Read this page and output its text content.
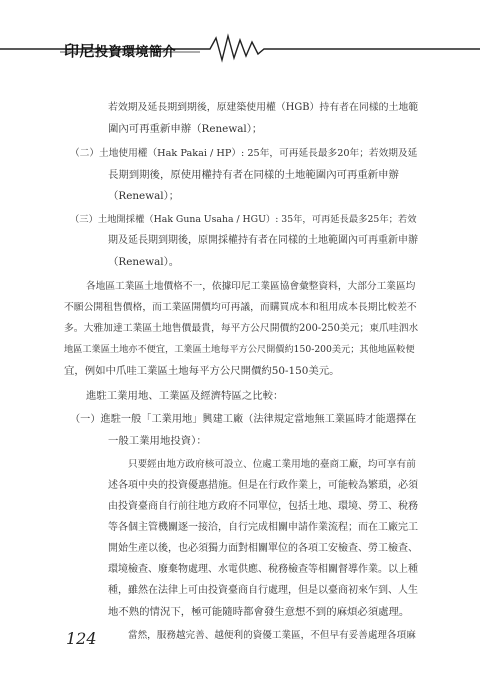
印尼投資環境簡介
若效期及延長期到期後，原建築使用權（HGB）持有者在同樣的土地範
圍內可再重新申辦（Renewal）；
（二）土地使用權（Hak Pakai / HP）: 25年，可再延長最多20年；若效期及延
長期到期後，原使用權持有者在同樣的土地範圍內可再重新申辦
（Renewal）；
（三）土地開採權（Hak Guna Usaha / HGU）: 35年，可再延長最多25年；若效
期及延長期到期後，原開採權持有者在同樣的土地範圍內可再重新申辦
（Renewal）。
各地區工業區土地價格不一，依據印尼工業區協會彙整資料，大部分工業區均
不願公開租售價格，而工業區開價均可再議，而購買成本和租用成本長期比較差不
多。大雅加達工業區土地售價最貴，每平方公尺開價約200-250美元；東爪哇泗水
地區工業區土地亦不便宜，工業區土地每平方公尺開價約150-200美元；其他地區較便
宜，例如中爪哇工業區土地每平方公尺開價約50-150美元。
進駐工業用地、工業區及經濟特區之比較：
（一）進駐一般「工業用地」興建工廠（法律規定當地無工業區時才能選擇在
一般工業用地投資）：
只要經由地方政府核可設立、位處工業用地的臺商工廠，均可享有前
述各項中央的投資優惠措施。但是在行政作業上，可能較為繁瑣，必須
由投資臺商自行前往地方政府不同單位，包括土地、環境、勞工、稅務
等各個主管機關逐一接洽，自行完成相關申請作業流程；而在工廠完工
開始生產以後，也必須獨力面對相關單位的各項工安檢查、勞工檢查、
環境檢查、廢棄物處理、水電供應、稅務檢查等相關督導作業。以上種
種，雖然在法律上可由投資臺商自行處理，但是以臺商初來乍到、人生
地不熟的情況下，極可能隨時都會發生意想不到的麻煩必須處理。
當然，服務越完善、越便利的資優工業區，不但早有妥善處理各項麻
124
